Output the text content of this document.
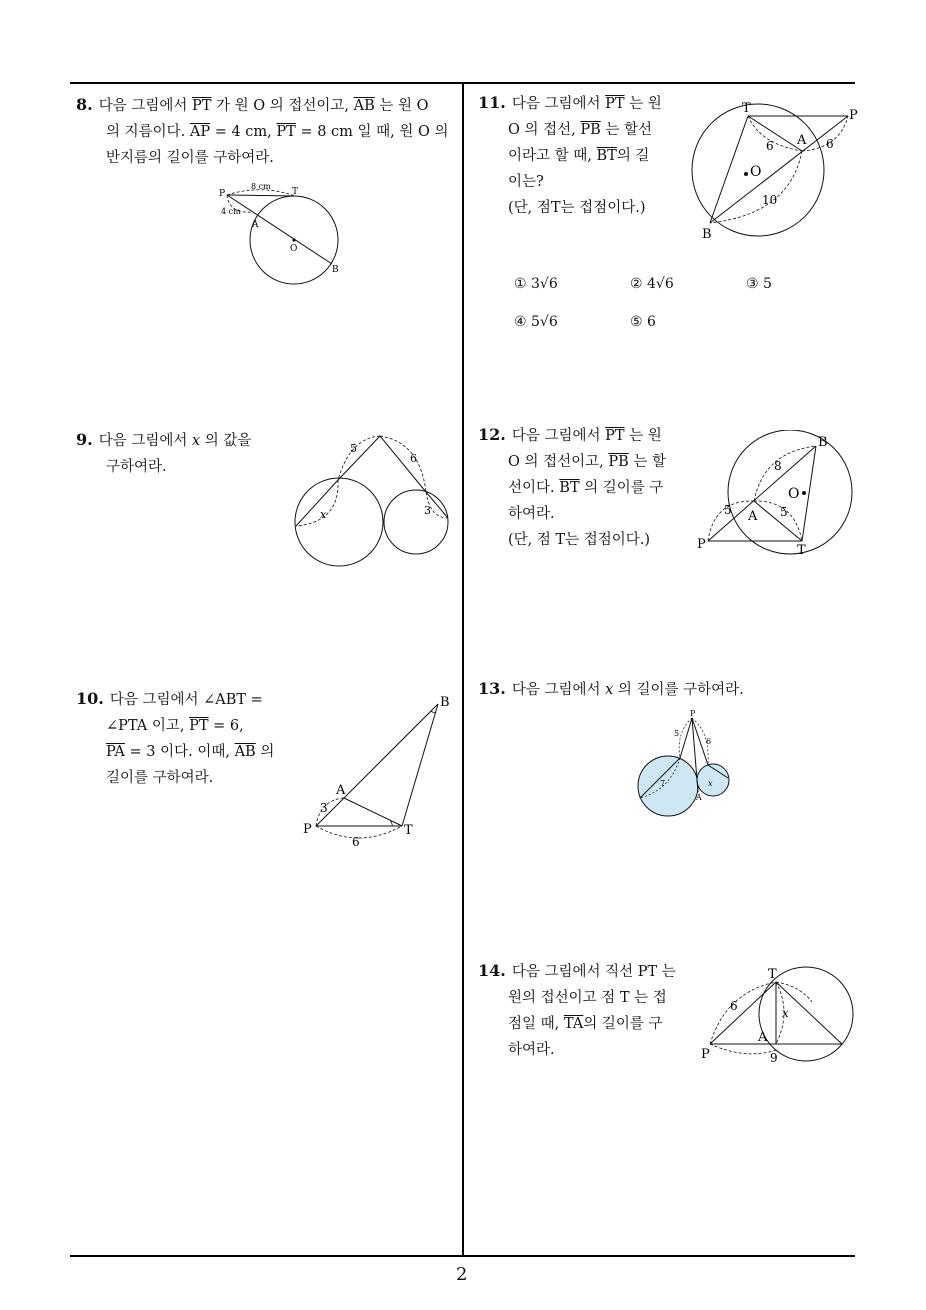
8. 다음 그림에서 $\overline{PT}$ 가 원 O 의 접선이고, $\overline{AB}$ 는 원 O
의 지름이다. $\overline{AP} = 4$ cm, $\overline{PT} = 8$ cm 일 때, 원 O 의
반지름의 길이를 구하여라.
P	T
A
O
B
8 cm
4 cm
9. 다음 그림에서 x 의 값을
구하여라.
5
6
3
x
10. 다음 그림에서 ∠ABT =
∠PTA 이고, $\overline{PT} = 6$,
$\overline{PA} = 3$ 이다. 이때, $\overline{AB}$ 의
길이를 구하여라.
B
A
P	T
3
6
11. 다음 그림에서 $\overline{PT}$ 는 원
O 의 접선, $\overline{PB}$ 는 할선
이라고 할 때, $\overline{BT}$의 길
이는?
(단, 점T는 접점이다.)
T	P
A
O
B
6	6
10
① 3√6	② 4√6	③ 5
④ 5√6	⑤ 6
12. 다음 그림에서 $\overline{PT}$ 는 원
O 의 접선이고, $\overline{PB}$ 는 할
선이다. $\overline{BT}$ 의 길이를 구
하여라.
(단, 점 T는 접점이다.)
B
O
A
P	T
5
8
5
13. 다음 그림에서 x 의 길이를 구하여라.
P
A
5
6
7	x
14. 다음 그림에서 직선 PT 는
원의 접선이고 점 T 는 접
점일 때, $\overline{TA}$의 길이를 구
하여라.
T
P
A
6	x
9
2
